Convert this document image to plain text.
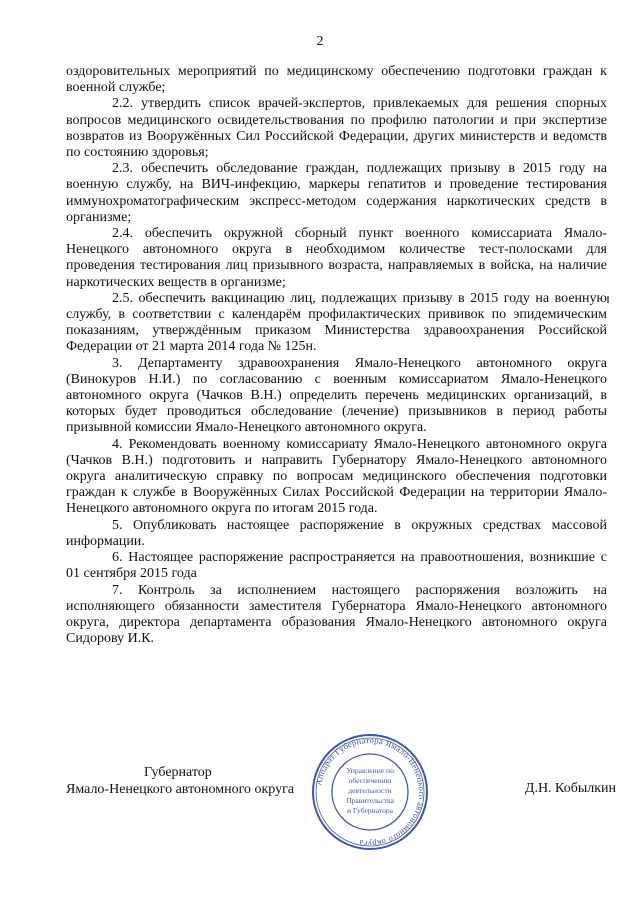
2

оздоровительных мероприятий по медицинскому обеспечению подготовки граждан к военной службе;

2.2. утвердить список врачей-экспертов, привлекаемых для решения спорных вопросов медицинского освидетельствования по профилю патологии и при экспертизе возвратов из Вооружённых Сил Российской Федерации, других министерств и ведомств по состоянию здоровья;

2.3. обеспечить обследование граждан, подлежащих призыву в 2015 году на военную службу, на ВИЧ-инфекцию, маркеры гепатитов и проведение тестирования иммунохроматографическим экспресс-методом содержания наркотических средств в организме;

2.4. обеспечить окружной сборный пункт военного комиссариата Ямало-Ненецкого автономного округа в необходимом количестве тест-полосками для проведения тестирования лиц призывного возраста, направляемых в войска, на наличие наркотических веществ в организме;

2.5. обеспечить вакцинацию лиц, подлежащих призыву в 2015 году на военную службу, в соответствии с календарём профилактических прививок по эпидемическим показаниям, утверждённым приказом Министерства здравоохранения Российской Федерации от 21 марта 2014 года № 125н.

3. Департаменту здравоохранения Ямало-Ненецкого автономного округа (Винокуров Н.И.) по согласованию с военным комиссариатом Ямало-Ненецкого автономного округа (Чачков В.Н.) определить перечень медицинских организаций, в которых будет проводиться обследование (лечение) призывников в период работы призывной комиссии Ямало-Ненецкого автономного округа.

4. Рекомендовать военному комиссариату Ямало-Ненецкого автономного округа (Чачков В.Н.) подготовить и направить Губернатору Ямало-Ненецкого автономного округа аналитическую справку по вопросам медицинского обеспечения подготовки граждан к службе в Вооружённых Силах Российской Федерации на территории Ямало-Ненецкого автономного округа по итогам 2015 года.

5. Опубликовать настоящее распоряжение в окружных средствах массовой информации.

6. Настоящее распоряжение распространяется на правоотношения, возникшие с 01 сентября 2015 года

7. Контроль за исполнением настоящего распоряжения возложить на исполняющего обязанности заместителя Губернатора Ямало-Ненецкого автономного округа, директора департамента образования Ямало-Ненецкого автономного округа Сидорову И.К.

Губернатор
Ямало-Ненецкого автономного округа	Аппарат Губернатора Ямало-Ненецкого автономного округа
Управление по
обеспечению
деятельности
Правительства
и Губернатора
Д.Н. Кобылкин
